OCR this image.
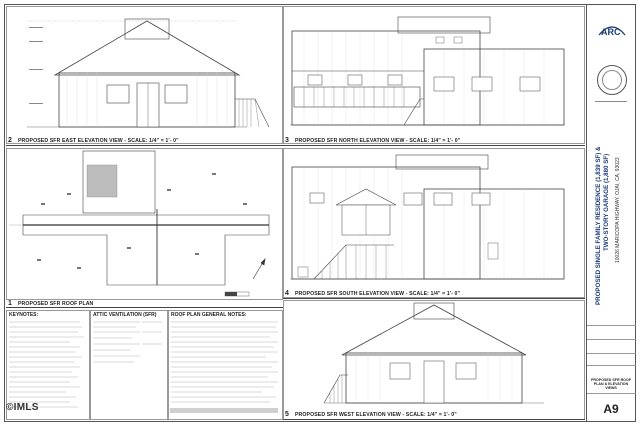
2 PROPOSED SFR EAST ELEVATION VIEW - SCALE: 1/4" = 1'- 0"
1 PROPOSED SFR ROOF PLAN
KEYNOTES:	ATTIC VENTILATION (SFR)	ROOF PLAN GENERAL NOTES:
3 PROPOSED SFR NORTH ELEVATION VIEW - SCALE: 1/4" = 1'- 0"
4 PROPOSED SFR SOUTH ELEVATION VIEW - SCALE: 1/4" = 1'- 0"
5 PROPOSED SFR WEST ELEVATION VIEW - SCALE: 1/4" = 1'- 0"
ARC
PROPOSED SINGLE FAMILY RESIDENCE (1,839 SF) & TWO-STORY GARAGE (1,880 SF) 10026 MARICOPA HIGHWAY, OJAI, CA, 93023
PROPOSED SFR ROOF PLAN & ELEVATION VIEWS
A9
©IMLS
